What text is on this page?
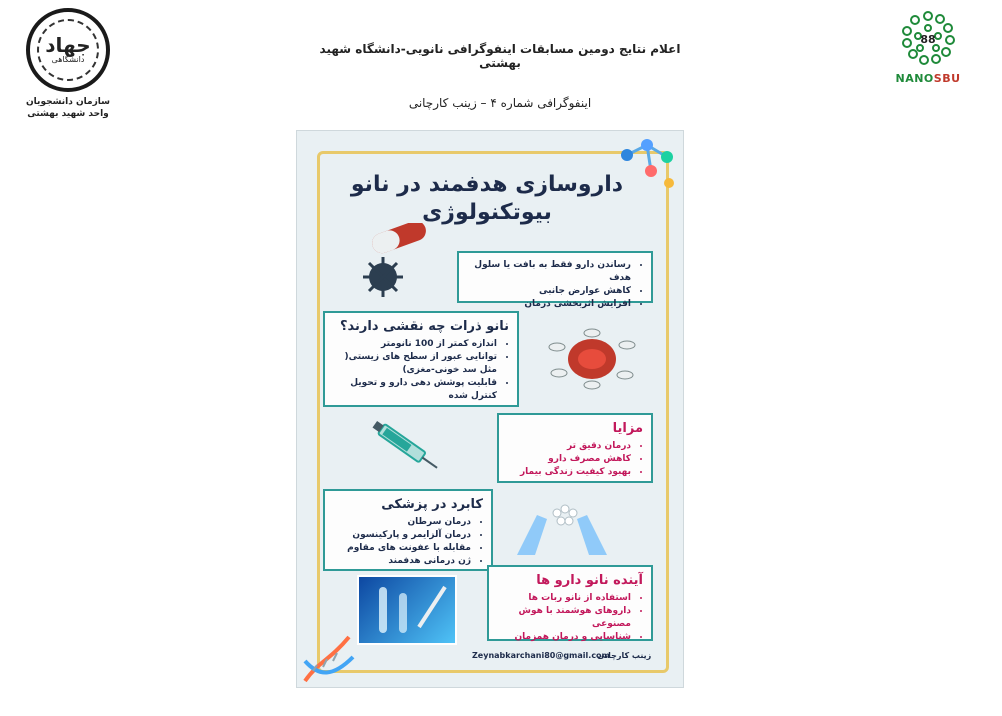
جهاد
دانشگاهی
سازمان دانشجویان
واحد شهید بهشتی
اعلام نتایج دومین مسابقات اینفوگرافی نانویی-دانشگاه شهید بهشتی
اینفوگرافی شماره ۴ – زینب کارچانی
88
NANOSBU
داروسازی هدفمند در نانو
بیوتکنولوژی
• رساندن دارو فقط به بافت یا سلول هدف
• کاهش عوارض جانبی
• افزایش اثربخشی درمان
نانو ذرات چه نقشی دارند؟
• اندازه کمتر از 100 نانومتر
• توانایی عبور از سطح های زیستی( مثل سد خونی-مغزی)
• قابلیت پوشش دهی دارو و تحویل کنترل شده
مزایا
• درمان دقیق تر
• کاهش مصرف دارو
• بهبود کیفیت زندگی بیمار
کابرد در پزشکی
• درمان سرطان
• درمان آلزایمر و پارکینسون
• مقابله با عفونت های مقاوم
• ژن درمانی هدفمند
آینده نانو دارو ها
• استفاده از نانو ربات ها
• داروهای هوشمند با هوش مصنوعی
• شناسایی و درمان همزمان
Zeynabkarchani80@gmail.com
زینب کارچانی
